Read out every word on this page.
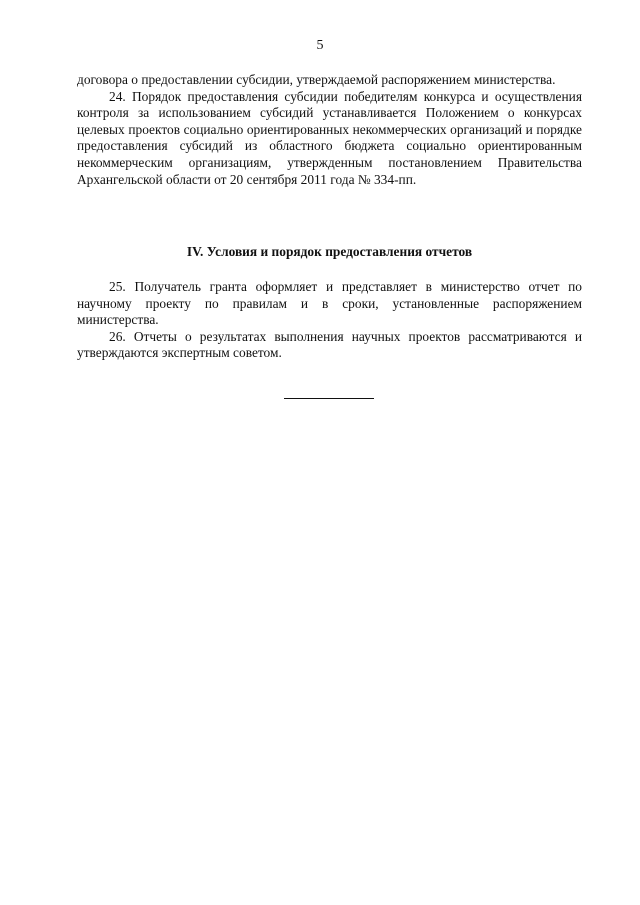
5

договора о предоставлении субсидии, утверждаемой распоряжением министерства.

24. Порядок предоставления субсидии победителям конкурса и осуществления контроля за использованием субсидий устанавливается Положением о конкурсах целевых проектов социально ориентированных некоммерческих организаций и порядке предоставления субсидий из областного бюджета социально ориентированным некоммерческим организациям, утвержденным постановлением Правительства Архангельской области от 20 сентября 2011 года № 334-пп.

IV. Условия и порядок предоставления отчетов

25. Получатель гранта оформляет и представляет в министерство отчет по научному проекту по правилам и в сроки, установленные распоряжением министерства.

26. Отчеты о результатах выполнения научных проектов рассматриваются и утверждаются экспертным советом.
